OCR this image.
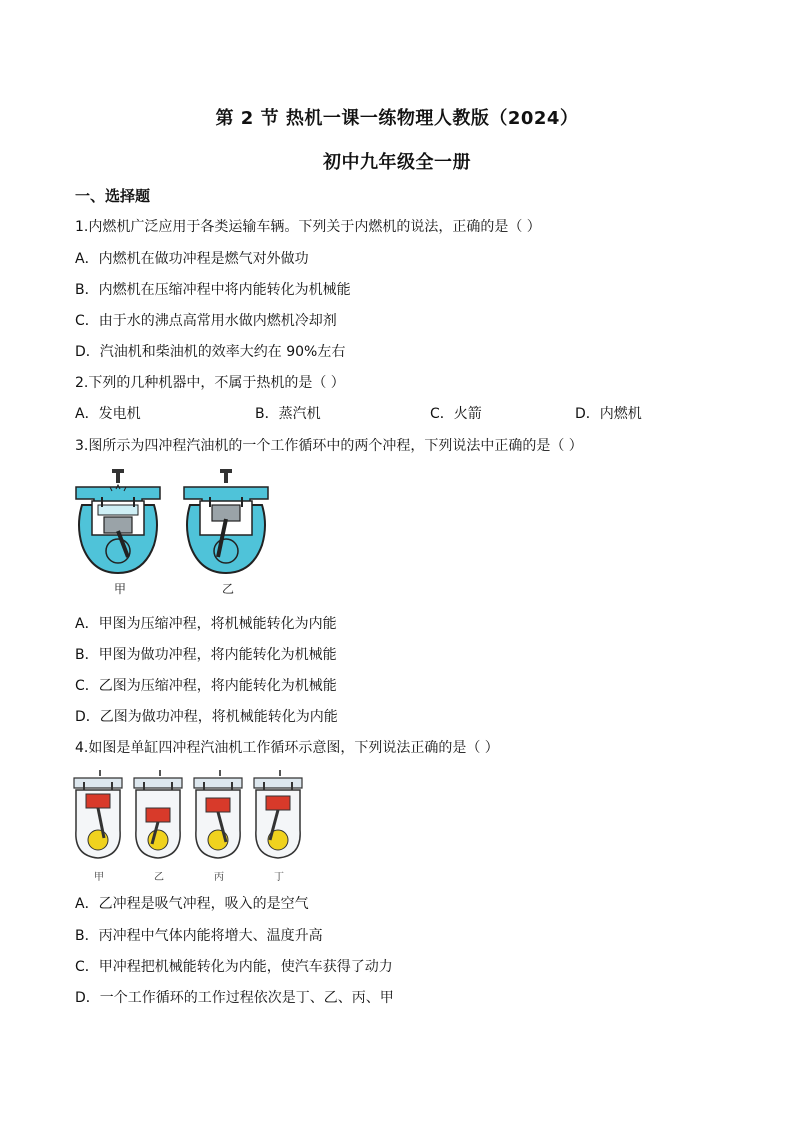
第 2 节 热机一课一练物理人教版（2024）
初中九年级全一册
一、选择题
1.内燃机广泛应用于各类运输车辆。下列关于内燃机的说法，正确的是（ ）
A．内燃机在做功冲程是燃气对外做功
B．内燃机在压缩冲程中将内能转化为机械能
C．由于水的沸点高常用水做内燃机冷却剂
D．汽油机和柴油机的效率大约在 90%左右
2.下列的几种机器中，不属于热机的是（ ）
A．发电机	B．蒸汽机	C．火箭	D．内燃机
3.图所示为四冲程汽油机的一个工作循环中的两个冲程，下列说法中正确的是（ ）
甲	乙
A．甲图为压缩冲程，将机械能转化为内能
B．甲图为做功冲程，将内能转化为机械能
C．乙图为压缩冲程，将内能转化为机械能
D．乙图为做功冲程，将机械能转化为内能
4.如图是单缸四冲程汽油机工作循环示意图，下列说法正确的是（ ）
甲	乙	丙	丁
A．乙冲程是吸气冲程，吸入的是空气
B．丙冲程中气体内能将增大、温度升高
C．甲冲程把机械能转化为内能，使汽车获得了动力
D．一个工作循环的工作过程依次是丁、乙、丙、甲
